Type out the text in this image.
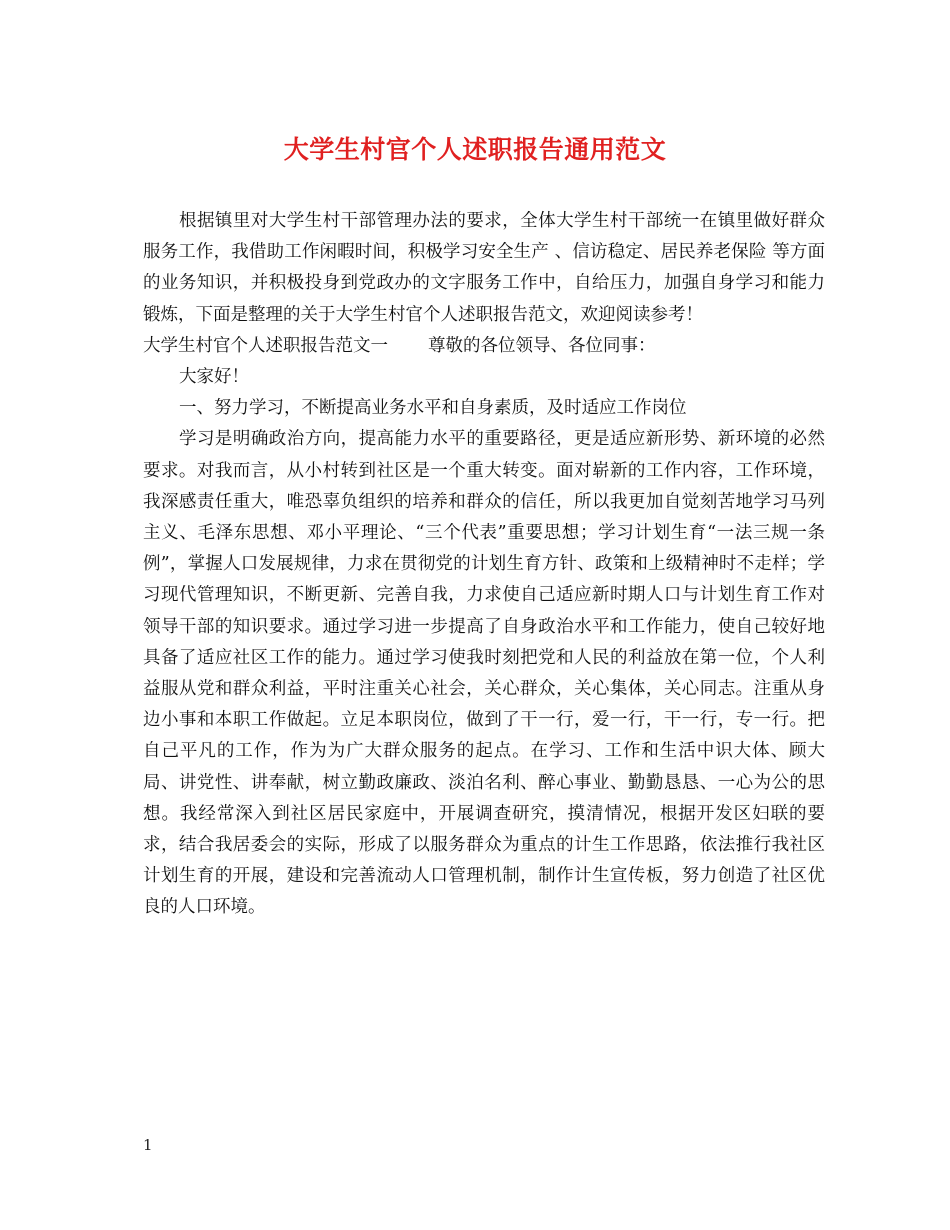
大学生村官个人述职报告通用范文

根据镇里对大学生村干部管理办法的要求，全体大学生村干部统一在镇里做好群众服务工作，我借助工作闲暇时间，积极学习安全生产 、信访稳定、居民养老保险 等方面的业务知识，并积极投身到党政办的文字服务工作中，自给压力，加强自身学习和能力锻炼，下面是整理的关于大学生村官个人述职报告范文，欢迎阅读参考！

大学生村官个人述职报告范文一 尊敬的各位领导、各位同事：

大家好！

一、努力学习，不断提高业务水平和自身素质，及时适应工作岗位

学习是明确政治方向，提高能力水平的重要路径，更是适应新形势、新环境的必然要求。对我而言，从小村转到社区是一个重大转变。面对崭新的工作内容，工作环境，我深感责任重大，唯恐辜负组织的培养和群众的信任，所以我更加自觉刻苦地学习马列主义、毛泽东思想、邓小平理论、“三个代表”重要思想；学习计划生育“一法三规一条例”，掌握人口发展规律，力求在贯彻党的计划生育方针、政策和上级精神时不走样；学习现代管理知识，不断更新、完善自我，力求使自己适应新时期人口与计划生育工作对领导干部的知识要求。通过学习进一步提高了自身政治水平和工作能力，使自己较好地具备了适应社区工作的能力。通过学习使我时刻把党和人民的利益放在第一位，个人利益服从党和群众利益，平时注重关心社会，关心群众，关心集体，关心同志。注重从身边小事和本职工作做起。立足本职岗位，做到了干一行，爱一行，干一行，专一行。把自己平凡的工作，作为为广大群众服务的起点。在学习、工作和生活中识大体、顾大局、讲党性、讲奉献，树立勤政廉政、淡泊名利、醉心事业、勤勤恳恳、一心为公的思想。我经常深入到社区居民家庭中，开展调查研究，摸清情况，根据开发区妇联的要求，结合我居委会的实际，形成了以服务群众为重点的计生工作思路，依法推行我社区计划生育的开展，建设和完善流动人口管理机制，制作计生宣传板，努力创造了社区优良的人口环境。

1
